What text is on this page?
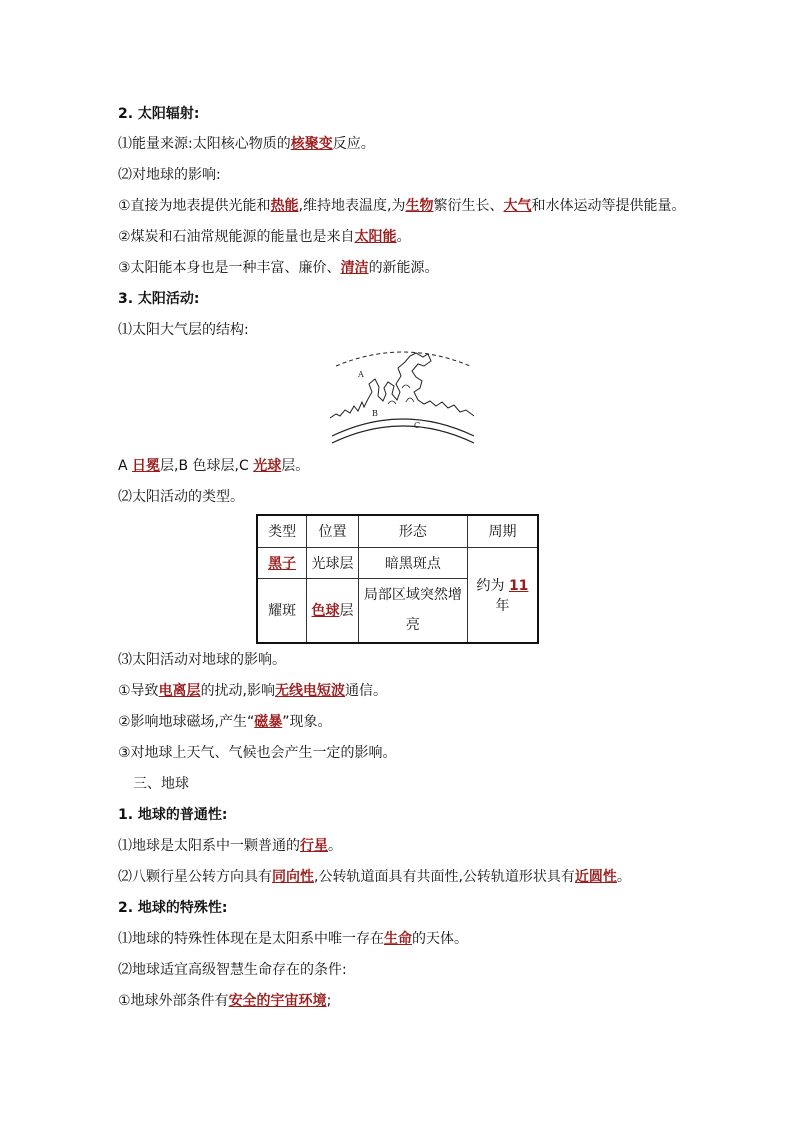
2. 太阳辐射:
⑴能量来源:太阳核心物质的核聚变反应。
⑵对地球的影响:
①直接为地表提供光能和热能,维持地表温度,为生物繁衍生长、大气和水体运动等提供能量。
②煤炭和石油常规能源的能量也是来自太阳能。
③太阳能本身也是一种丰富、廉价、清洁的新能源。
3. 太阳活动:
⑴太阳大气层的结构:
A
B
C
A 日冕层,B 色球层,C 光球层。
⑵太阳活动的类型。
类型	位置	形态	周期
黑子	光球层	暗黑斑点	约为 11年
耀斑	色球层	局部区域突然增亮	
⑶太阳活动对地球的影响。
①导致电离层的扰动,影响无线电短波通信。
②影响地球磁场,产生“磁暴”现象。
③对地球上天气、气候也会产生一定的影响。
三、地球
1. 地球的普通性:
⑴地球是太阳系中一颗普通的行星。
⑵八颗行星公转方向具有同向性,公转轨道面具有共面性,公转轨道形状具有近圆性。
2. 地球的特殊性:
⑴地球的特殊性体现在是太阳系中唯一存在生命的天体。
⑵地球适宜高级智慧生命存在的条件:
①地球外部条件有安全的宇宙环境;
